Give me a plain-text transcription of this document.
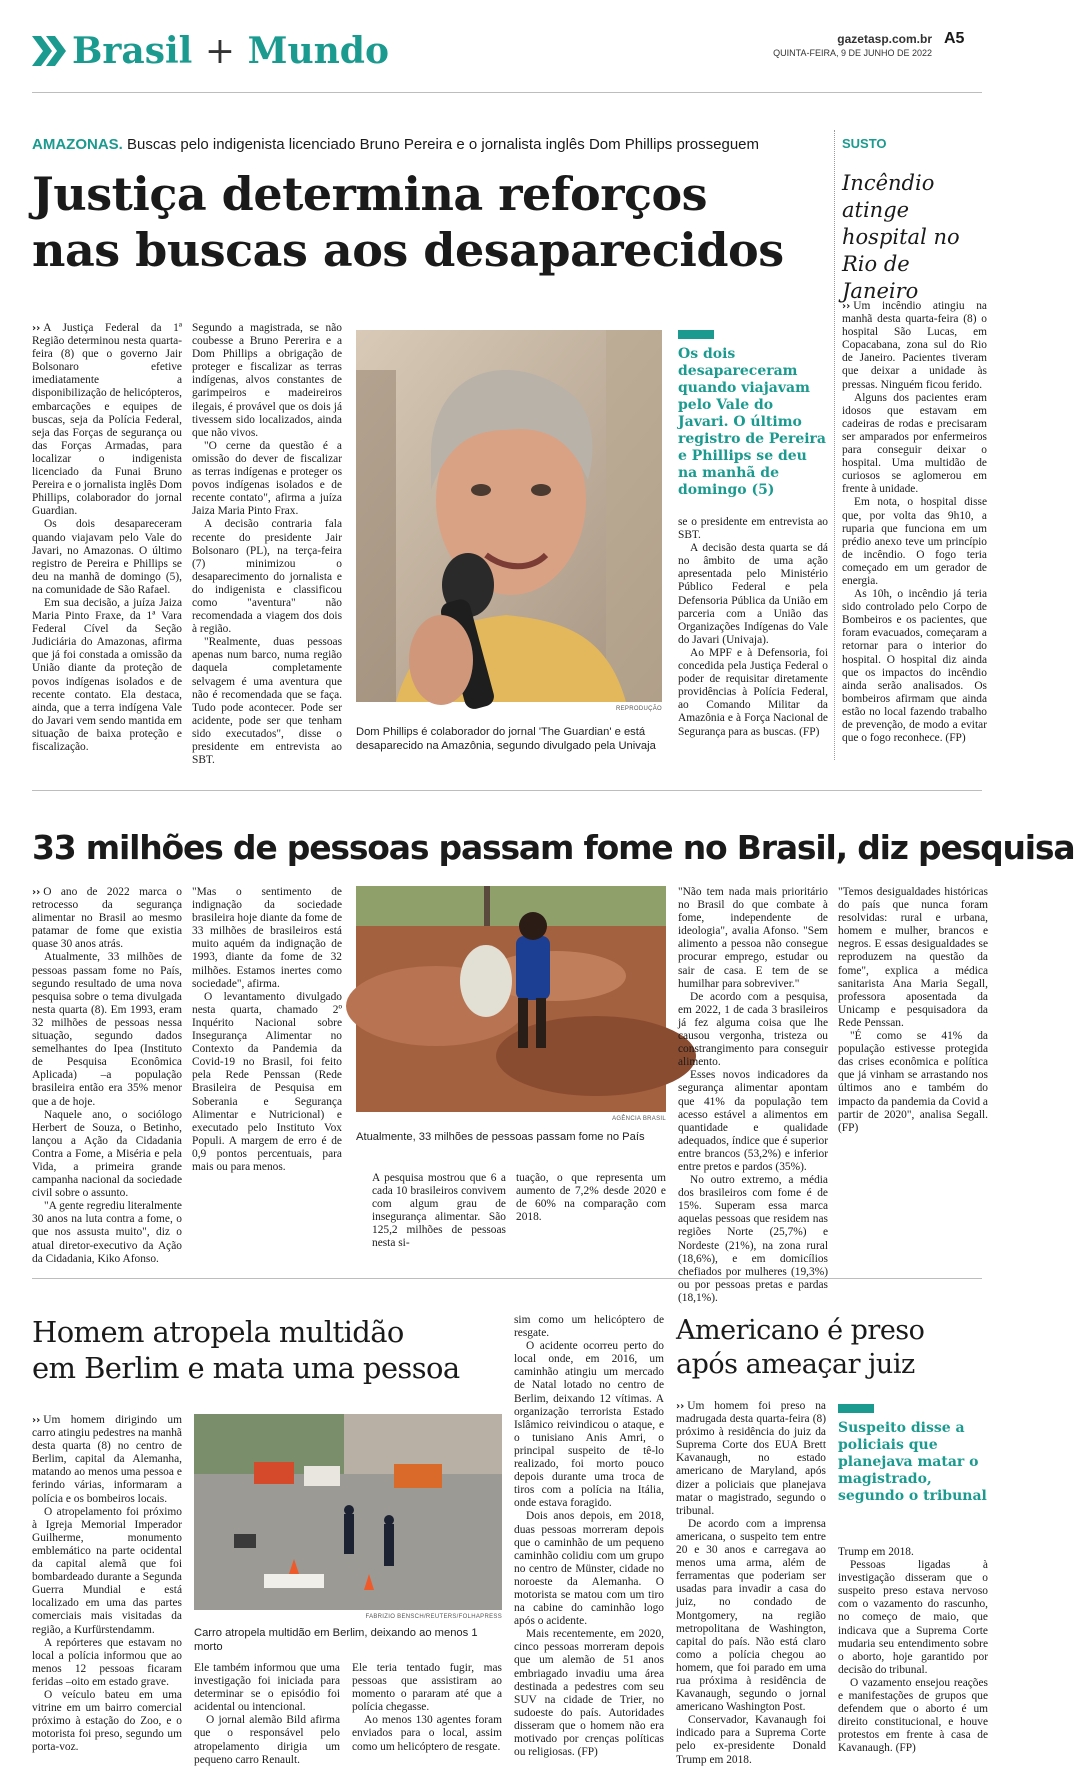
Brasil + Mundo	gazetasp.com.br
QUINTA-FEIRA, 9 DE JUNHO DE 2022
A5
AMAZONAS. Buscas pelo indigenista licenciado Bruno Pereira e o jornalista inglês Dom Phillips prosseguem
Justiça determina reforços
nas buscas aos desaparecidos

›› A Justiça Federal da 1ª Região determinou nesta quarta-feira (8) que o governo Jair Bolsonaro efetive imediatamente a disponibilização de helicópteros, embarcações e equipes de buscas, seja da Polícia Federal, seja das Forças de segurança ou das Forças Armadas, para localizar o indigenista licenciado da Funai Bruno Pereira e o jornalista inglês Dom Phillips, colaborador do jornal Guardian.

Os dois desapareceram quando viajavam pelo Vale do Javari, no Amazonas. O último registro de Pereira e Phillips se deu na manhã de domingo (5), na comunidade de São Rafael.

Em sua decisão, a juíza Jaiza Maria Pinto Fraxe, da 1ª Vara Federal Cível da Seção Judiciária do Amazonas, afirma que já foi constada a omissão da União diante da proteção de povos indígenas isolados e de recente contato. Ela destaca, ainda, que a terra indígena Vale do Javari vem sendo mantida em situação de baixa proteção e fiscalização.

Segundo a magistrada, se não coubesse a Bruno Pererira e a Dom Phillips a obrigação de proteger e fiscalizar as terras indígenas, alvos constantes de garimpeiros e madeireiros ilegais, é provável que os dois já tivessem sido localizados, ainda que não vivos.

"O cerne da questão é a omissão do dever de fiscalizar as terras indígenas e proteger os povos indígenas isolados e de recente contato", afirma a juíza Jaiza Maria Pinto Frax.

A decisão contraria fala recente do presidente Jair Bolsonaro (PL), na terça-feira (7) minimizou o desaparecimento do jornalista e do indigenista e classificou como "aventura" não recomendada a viagem dos dois à região.

"Realmente, duas pessoas apenas num barco, numa região daquela completamente selvagem é uma aventura que não é recomendada que se faça. Tudo pode acontecer. Pode ser acidente, pode ser que tenham sido executados", disse o presidente em entrevista ao SBT.

REPRODUÇÃO
Dom Phillips é colaborador do jornal 'The Guardian' e está desaparecido na Amazônia, segundo divulgado pela Univaja
Os dois desapareceram quando viajavam pelo Vale do Javari. O último registro de Pereira e Phillips se deu na manhã de domingo (5)

se o presidente em entrevista ao SBT.

A decisão desta quarta se dá no âmbito de uma ação apresentada pelo Ministério Público Federal e pela Defensoria Pública da União em parceria com a União das Organizações Indígenas do Vale do Javari (Univaja).

Ao MPF e à Defensoria, foi concedida pela Justiça Federal o poder de requisitar diretamente providências à Polícia Federal, ao Comando Militar da Amazônia e à Força Nacional de Segurança para as buscas. (FP)

SUSTO
Incêndio atinge hospital no Rio de Janeiro

›› Um incêndio atingiu na manhã desta quarta-feira (8) o hospital São Lucas, em Copacabana, zona sul do Rio de Janeiro. Pacientes tiveram que deixar a unidade às pressas. Ninguém ficou ferido.

Alguns dos pacientes eram idosos que estavam em cadeiras de rodas e precisaram ser amparados por enfermeiros para conseguir deixar o hospital. Uma multidão de curiosos se aglomerou em frente à unidade.

Em nota, o hospital disse que, por volta das 9h10, a ruparia que funciona em um prédio anexo teve um princípio de incêndio. O fogo teria começado em um gerador de energia.

As 10h, o incêndio já teria sido controlado pelo Corpo de Bombeiros e os pacientes, que foram evacuados, começaram a retornar para o interior do hospital. O hospital diz ainda que os impactos do incêndio ainda serão analisados. Os bombeiros afirmam que ainda estão no local fazendo trabalho de prevenção, de modo a evitar que o fogo reconhece. (FP)

33 milhões de pessoas passam fome no Brasil, diz pesquisa

›› O ano de 2022 marca o retrocesso da segurança alimentar no Brasil ao mesmo patamar de fome que existia quase 30 anos atrás.

Atualmente, 33 milhões de pessoas passam fome no País, segundo resultado de uma nova pesquisa sobre o tema divulgada nesta quarta (8). Em 1993, eram 32 milhões de pessoas nessa situação, segundo dados semelhantes do Ipea (Instituto de Pesquisa Econômica Aplicada) –a população brasileira então era 35% menor que a de hoje.

Naquele ano, o sociólogo Herbert de Souza, o Betinho, lançou a Ação da Cidadania Contra a Fome, a Miséria e pela Vida, a primeira grande campanha nacional da sociedade civil sobre o assunto.

"A gente regrediu literalmente 30 anos na luta contra a fome, o que nos assusta muito", diz o atual diretor-executivo da Ação da Cidadania, Kiko Afonso.

"Mas o sentimento de indignação da sociedade brasileira hoje diante da fome de 33 milhões de brasileiros está muito aquém da indignação de 1993, diante da fome de 32 milhões. Estamos inertes como sociedade", afirma.

O levantamento divulgado nesta quarta, chamado 2º Inquérito Nacional sobre Insegurança Alimentar no Contexto da Pandemia da Covid-19 no Brasil, foi feito pela Rede Penssan (Rede Brasileira de Pesquisa em Soberania e Segurança Alimentar e Nutricional) e executado pelo Instituto Vox Populi. A margem de erro é de 0,9 pontos percentuais, para mais ou para menos.

AGÊNCIA BRASIL
Atualmente, 33 milhões de pessoas passam fome no País

A pesquisa mostrou que 6 a cada 10 brasileiros convivem com algum grau de insegurança alimentar. São 125,2 milhões de pessoas nesta si-

tuação, o que representa um aumento de 7,2% desde 2020 e de 60% na comparação com 2018.

"Não tem nada mais prioritário no Brasil do que combate à fome, independente de ideologia", avalia Afonso. "Sem alimento a pessoa não consegue procurar emprego, estudar ou sair de casa. E tem de se humilhar para sobreviver."

De acordo com a pesquisa, em 2022, 1 de cada 3 brasileiros já fez alguma coisa que lhe causou vergonha, tristeza ou constrangimento para conseguir alimento.

Esses novos indicadores da segurança alimentar apontam que 41% da população tem acesso estável a alimentos em quantidade e qualidade adequados, índice que é superior entre brancos (53,2%) e inferior entre pretos e pardos (35%).

No outro extremo, a média dos brasileiros com fome é de 15%. Superam essa marca aquelas pessoas que residem nas regiões Norte (25,7%) e Nordeste (21%), na zona rural (18,6%), e em domicílios chefiados por mulheres (19,3%) ou por pessoas pretas e pardas (18,1%).

"Temos desigualdades históricas do país que nunca foram resolvidas: rural e urbana, homem e mulher, brancos e negros. E essas desigualdades se reproduzem na questão da fome", explica a médica sanitarista Ana Maria Segall, professora aposentada da Unicamp e pesquisadora da Rede Penssan.

"É como se 41% da população estivesse protegida das crises econômica e política que já vinham se arrastando nos últimos ano e também do impacto da pandemia da Covid a partir de 2020", analisa Segall. (FP)

Homem atropela multidão
em Berlim e mata uma pessoa

›› Um homem dirigindo um carro atingiu pedestres na manhã desta quarta (8) no centro de Berlim, capital da Alemanha, matando ao menos uma pessoa e ferindo várias, informaram a polícia e os bombeiros locais.

O atropelamento foi próximo à Igreja Memorial Imperador Guilherme, monumento emblemático na parte ocidental da capital alemã que foi bombardeado durante a Segunda Guerra Mundial e está localizado em uma das partes comerciais mais visitadas da região, a Kurfürstendamm.

A repórteres que estavam no local a polícia informou que ao menos 12 pessoas ficaram feridas –oito em estado grave.

O veículo bateu em uma vitrine em um bairro comercial próximo à estação do Zoo, e o motorista foi preso, segundo um porta-voz.

FABRIZIO BENSCH/REUTERS/FOLHAPRESS
Carro atropela multidão em Berlim, deixando ao menos 1 morto

Ele também informou que uma investigação foi iniciada para determinar se o episódio foi acidental ou intencional.

O jornal alemão Bild afirma que o responsável pelo atropelamento dirigia um pequeno carro Renault.

Ele teria tentado fugir, mas pessoas que assistiram ao momento o pararam até que a polícia chegasse.

Ao menos 130 agentes foram enviados para o local, assim como um helicóptero de resgate.

sim como um helicóptero de resgate.

O acidente ocorreu perto do local onde, em 2016, um caminhão atingiu um mercado de Natal lotado no centro de Berlim, deixando 12 vítimas. A organização terrorista Estado Islâmico reivindicou o ataque, e o tunisiano Anis Amri, o principal suspeito de tê-lo realizado, foi morto pouco depois durante uma troca de tiros com a polícia na Itália, onde estava foragido.

Dois anos depois, em 2018, duas pessoas morreram depois que o caminhão de um pequeno caminhão colidiu com um grupo no centro de Münster, cidade no noroeste da Alemanha. O motorista se matou com um tiro na cabine do caminhão logo após o acidente.

Mais recentemente, em 2020, cinco pessoas morreram depois que um alemão de 51 anos embriagado invadiu uma área destinada a pedestres com seu SUV na cidade de Trier, no sudoeste do país. Autoridades disseram que o homem não era motivado por crenças políticas ou religiosas. (FP)

Americano é preso
após ameaçar juiz

›› Um homem foi preso na madrugada desta quarta-feira (8) próximo à residência do juiz da Suprema Corte dos EUA Brett Kavanaugh, no estado americano de Maryland, após dizer a policiais que planejava matar o magistrado, segundo o tribunal.

De acordo com a imprensa americana, o suspeito tem entre 20 e 30 anos e carregava ao menos uma arma, além de ferramentas que poderiam ser usadas para invadir a casa do juiz, no condado de Montgomery, na região metropolitana de Washington, capital do país. Não está claro como a polícia chegou ao homem, que foi parado em uma rua próxima à residência de Kavanaugh, segundo o jornal americano Washington Post.

Conservador, Kavanaugh foi indicado para a Suprema Corte pelo ex-presidente Donald Trump em 2018.

Suspeito disse a policiais que planejava matar o magistrado, segundo o tribunal

Trump em 2018.

Pessoas ligadas à investigação disseram que o suspeito preso estava nervoso com o vazamento do rascunho, no começo de maio, que indicava que a Suprema Corte mudaria seu entendimento sobre o aborto, hoje garantido por decisão do tribunal.

O vazamento ensejou reações e manifestações de grupos que defendem que o aborto é um direito constitucional, e houve protestos em frente à casa de Kavanaugh. (FP)
